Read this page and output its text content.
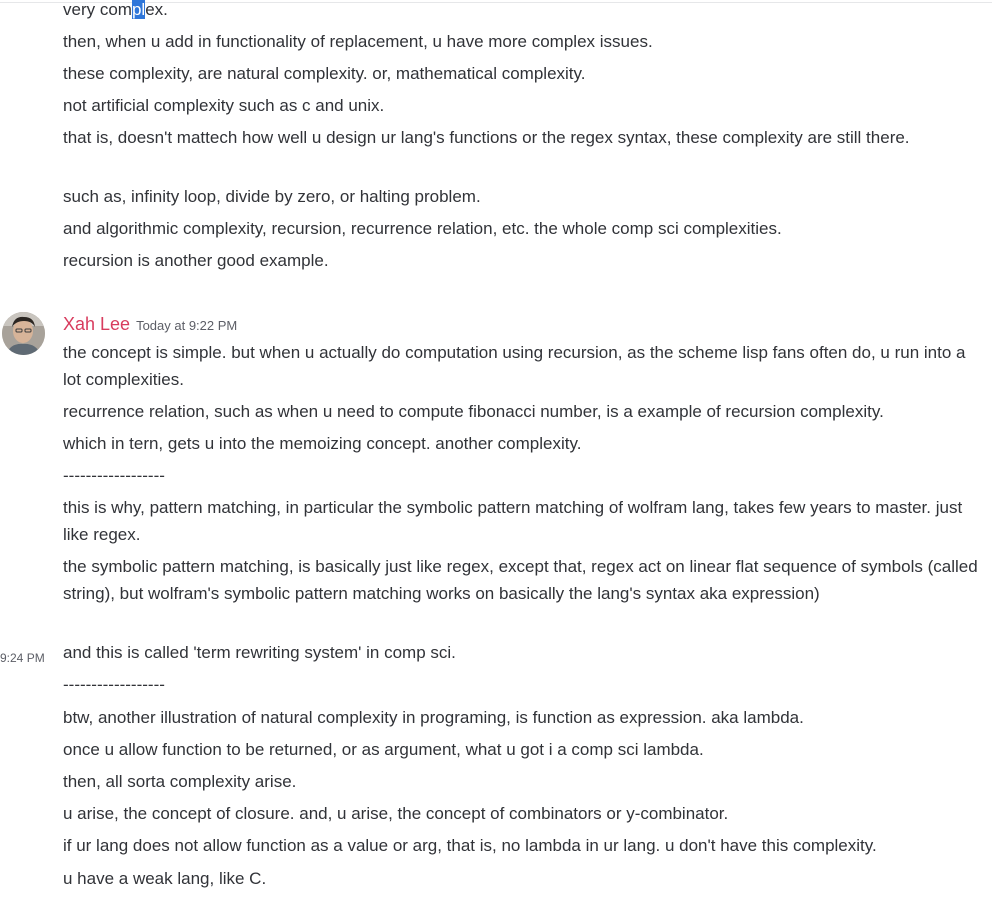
very complex.
then, when u add in functionality of replacement, u have more complex issues.
these complexity, are natural complexity. or, mathematical complexity.
not artificial complexity such as c and unix.
that is, doesn't mattech how well u design ur lang's functions or the regex syntax, these complexity are still there.
such as, infinity loop, divide by zero, or halting problem.
and algorithmic complexity, recursion, recurrence relation, etc. the whole comp sci complexities.
recursion is another good example.
Xah Lee Today at 9:22 PM
the concept is simple. but when u actually do computation using recursion, as the scheme lisp fans often do, u run into a lot complexities.
recurrence relation, such as when u need to compute fibonacci number, is a example of recursion complexity.
which in tern, gets u into the memoizing concept. another complexity.
------------------
this is why, pattern matching, in particular the symbolic pattern matching of wolfram lang, takes few years to master. just like regex.
the symbolic pattern matching, is basically just like regex, except that, regex act on linear flat sequence of symbols (called string), but wolfram's symbolic pattern matching works on basically the lang's syntax aka expression)
9:24 PM and this is called 'term rewriting system' in comp sci.
------------------
btw, another illustration of natural complexity in programing, is function as expression. aka lambda.
once u allow function to be returned, or as argument, what u got i a comp sci lambda.
then, all sorta complexity arise.
u arise, the concept of closure. and, u arise, the concept of combinators or y-combinator.
if ur lang does not allow function as a value or arg, that is, no lambda in ur lang. u don't have this complexity.
u have a weak lang, like C.
